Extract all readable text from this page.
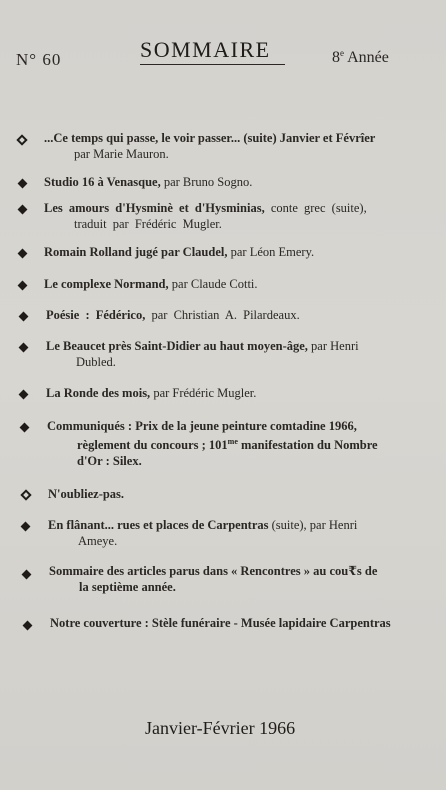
N° 60	SOMMAIRE	8e Année
...Ce temps qui passe, le voir passer... (suite) Janvier et Févrîer
par Marie Mauron.
Studio 16 à Venasque, par Bruno Sogno.
Les amours d'Hysminè et d'Hysminias, conte grec (suite),
traduit par Frédéric Mugler.
Romain Rolland jugé par Claudel, par Léon Emery.
Le complexe Normand, par Claude Cotti.
Poésie : Fédérico, par Christian A. Pilardeaux.
Le Beaucet près Saint-Didier au haut moyen-âge, par Henri
Dubled.
La Ronde des mois, par Frédéric Mugler.
Communiqués : Prix de la jeune peinture comtadine 1966,
règlement du concours ; $101^{me}$ manifestation du Nombre
d'Or : Silex.
N'oubliez-pas.
En flânant... rues et places de Carpentras (suite), par Henri
Ameye.
Sommaire des articles parus dans « Rencontres » au cou₹s de
la septième année.
Notre couverture : Stèle funéraire - Musée lapidaire Carpentras
Janvier-Février 1966
